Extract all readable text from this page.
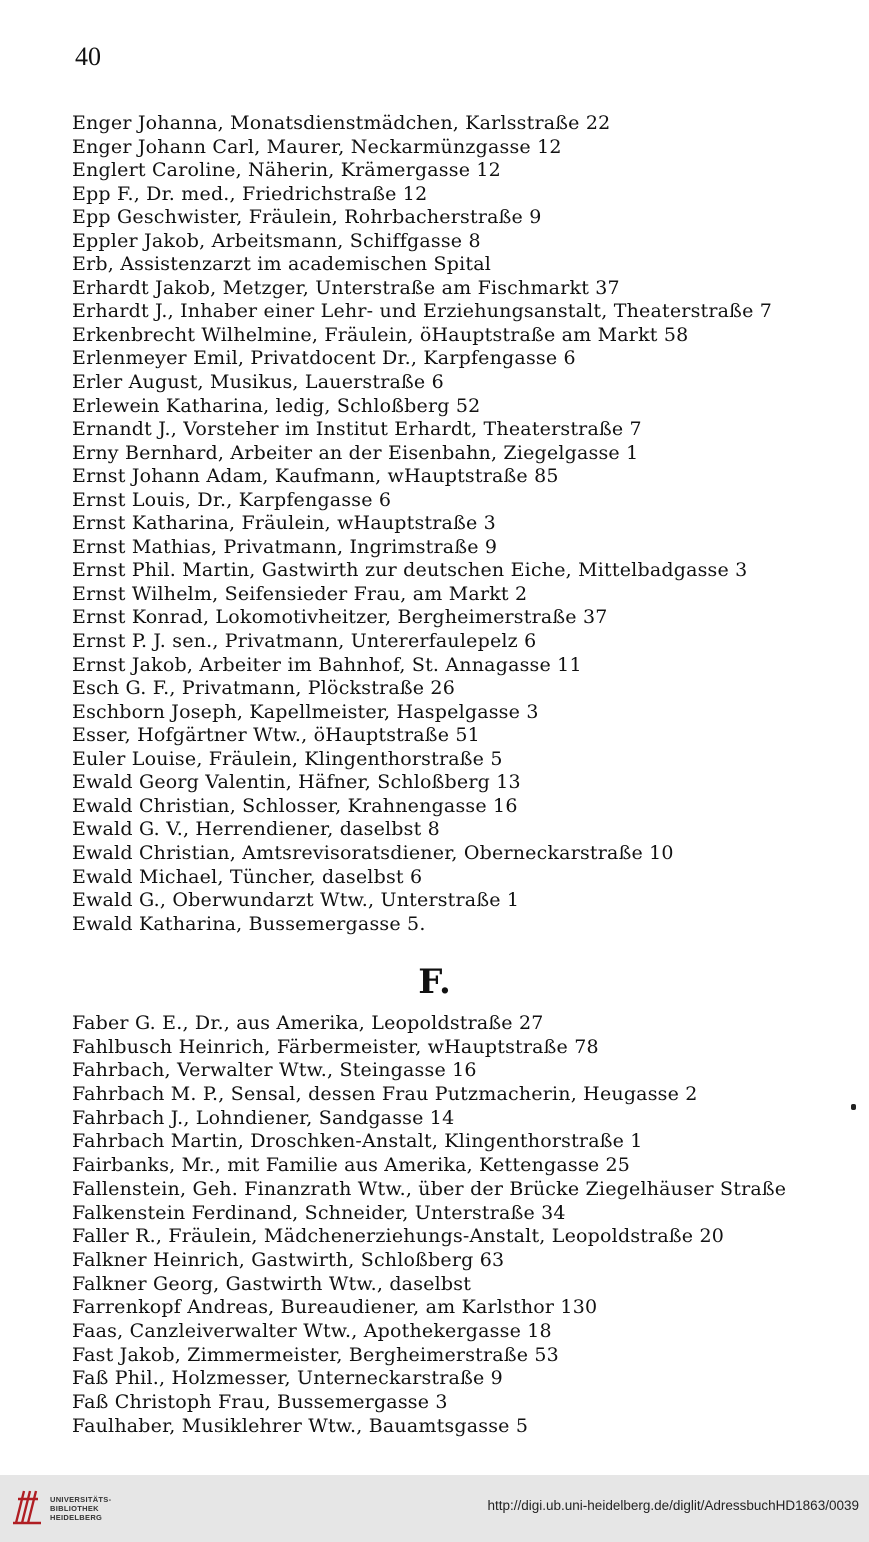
40
Enger Johanna, Monatsdienstmädchen, Karlsstraße 22
Enger Johann Carl, Maurer, Neckarmünzgasse 12
Englert Caroline, Näherin, Krämergasse 12
Epp F., Dr. med., Friedrichstraße 12
Epp Geschwister, Fräulein, Rohrbacherstraße 9
Eppler Jakob, Arbeitsmann, Schiffgasse 8
Erb, Assistenzarzt im academischen Spital
Erhardt Jakob, Metzger, Unterstraße am Fischmarkt 37
Erhardt J., Inhaber einer Lehr- und Erziehungsanstalt, Theaterstraße 7
Erkenbrecht Wilhelmine, Fräulein, öHauptstraße am Markt 58
Erlenmeyer Emil, Privatdocent Dr., Karpfengasse 6
Erler August, Musikus, Lauerstraße 6
Erlewein Katharina, ledig, Schloßberg 52
Ernandt J., Vorsteher im Institut Erhardt, Theaterstraße 7
Erny Bernhard, Arbeiter an der Eisenbahn, Ziegelgasse 1
Ernst Johann Adam, Kaufmann, wHauptstraße 85
Ernst Louis, Dr., Karpfengasse 6
Ernst Katharina, Fräulein, wHauptstraße 3
Ernst Mathias, Privatmann, Ingrimstraße 9
Ernst Phil. Martin, Gastwirth zur deutschen Eiche, Mittelbadgasse 3
Ernst Wilhelm, Seifensieder Frau, am Markt 2
Ernst Konrad, Lokomotivheitzer, Bergheimerstraße 37
Ernst P. J. sen., Privatmann, Untererfaulepelz 6
Ernst Jakob, Arbeiter im Bahnhof, St. Annagasse 11
Esch G. F., Privatmann, Plöckstraße 26
Eschborn Joseph, Kapellmeister, Haspelgasse 3
Esser, Hofgärtner Wtw., öHauptstraße 51
Euler Louise, Fräulein, Klingenthorstraße 5
Ewald Georg Valentin, Häfner, Schloßberg 13
Ewald Christian, Schlosser, Krahnengasse 16
Ewald G. V., Herrendiener, daselbst 8
Ewald Christian, Amtsrevisoratsdiener, Oberneckarstraße 10
Ewald Michael, Tüncher, daselbst 6
Ewald G., Oberwundarzt Wtw., Unterstraße 1
Ewald Katharina, Bussemergasse 5.
F.
Faber G. E., Dr., aus Amerika, Leopoldstraße 27
Fahlbusch Heinrich, Färbermeister, wHauptstraße 78
Fahrbach, Verwalter Wtw., Steingasse 16
Fahrbach M. P., Sensal, dessen Frau Putzmacherin, Heugasse 2
Fahrbach J., Lohndiener, Sandgasse 14
Fahrbach Martin, Droschken-Anstalt, Klingenthorstraße 1
Fairbanks, Mr., mit Familie aus Amerika, Kettengasse 25
Fallenstein, Geh. Finanzrath Wtw., über der Brücke Ziegelhäuser Straße
Falkenstein Ferdinand, Schneider, Unterstraße 34
Faller R., Fräulein, Mädchenerziehungs-Anstalt, Leopoldstraße 20
Falkner Heinrich, Gastwirth, Schloßberg 63
Falkner Georg, Gastwirth Wtw., daselbst
Farrenkopf Andreas, Bureaudiener, am Karlsthor 130
Faas, Canzleiverwalter Wtw., Apothekergasse 18
Fast Jakob, Zimmermeister, Bergheimerstraße 53
Faß Phil., Holzmesser, Unterneckarstraße 9
Faß Christoph Frau, Bussemergasse 3
Faulhaber, Musiklehrer Wtw., Bauamtsgasse 5
UNIVERSITÄTS-
BIBLIOTHEK
HEIDELBERG
http://digi.ub.uni-heidelberg.de/diglit/AdressbuchHD1863/0039
